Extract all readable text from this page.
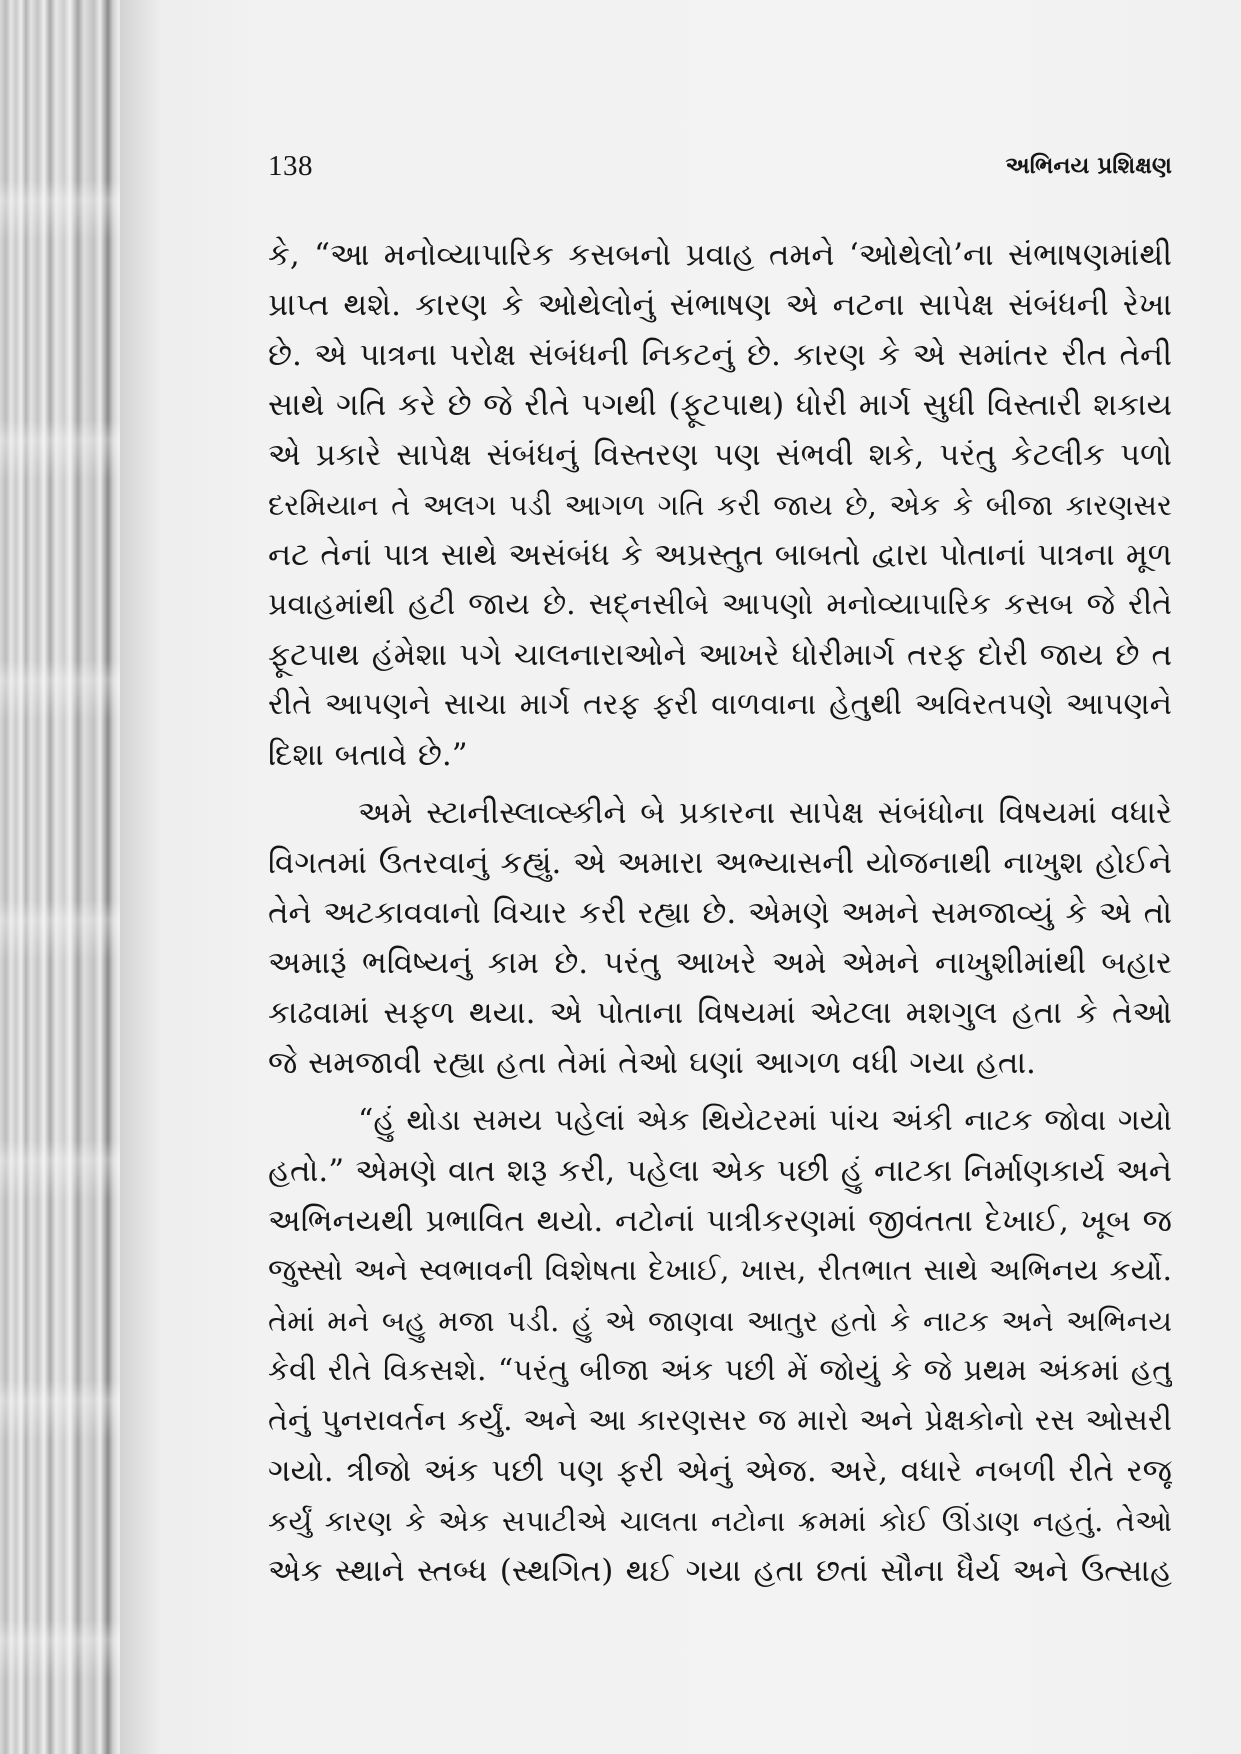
138	અભિનય પ્રશિક્ષણ
કે, “આ મનોવ્યાપારિક કસબનો પ્રવાહ તમને ‘ઓથેલો’ના સંભાષણમાંથી
પ્રાપ્ત થશે. કારણ કે ઓથેલોનું સંભાષણ એ નટના સાપેક્ષ સંબંધની રેખા
છે. એ પાત્રના પરોક્ષ સંબંધની નિકટનું છે. કારણ કે એ સમાંતર રીત તેની
સાથે ગતિ કરે છે જે રીતે પગથી (ફૂટપાથ) ધોરી માર્ગ સુધી વિસ્તારી શકાય
એ પ્રકારે સાપેક્ષ સંબંધનું વિસ્તરણ પણ સંભવી શકે, પરંતુ કેટલીક પળો
દરમિયાન તે અલગ પડી આગળ ગતિ કરી જાય છે, એક કે બીજા કારણસર
નટ તેનાં પાત્ર સાથે અસંબંધ કે અપ્રસ્તુત બાબતો દ્વારા પોતાનાં પાત્રના મૂળ
પ્રવાહમાંથી હટી જાય છે. સદ્નસીબે આપણો મનોવ્યાપારિક કસબ જે રીતે
ફૂટપાથ હંમેશા પગે ચાલનારાઓને આખરે ધોરીમાર્ગ તરફ દોરી જાય છે ત
રીતે આપણને સાચા માર્ગ તરફ ફરી વાળવાના હેતુથી અવિરતપણે આપણને
દિશા બતાવે છે.”
અમે સ્ટાનીસ્લાવ્સ્કીને બે પ્રકારના સાપેક્ષ સંબંધોના વિષયમાં વધારે
વિગતમાં ઉતરવાનું કહ્યું. એ અમારા અભ્યાસની યોજનાથી નાખુશ હોઈને
તેને અટકાવવાનો વિચાર કરી રહ્યા છે. એમણે અમને સમજાવ્યું કે એ તો
અમારૂં ભવિષ્યનું કામ છે. પરંતુ આખરે અમે એમને નાખુશીમાંથી બહાર
કાઢવામાં સફળ થયા. એ પોતાના વિષયમાં એટલા મશગુલ હતા કે તેઓ
જે સમજાવી રહ્યા હતા તેમાં તેઓ ઘણાં આગળ વધી ગયા હતા.
“હું થોડા સમય પહેલાં એક થિયેટરમાં પાંચ અંકી નાટક જોવા ગયો
હતો.” એમણે વાત શરૂ કરી, પહેલા એક પછી હું નાટકા નિર્માણકાર્ય અને
અભિનયથી પ્રભાવિત થયો. નટોનાં પાત્રીકરણમાં જીવંતતા દેખાઈ, ખૂબ જ
જુસ્સો અને સ્વભાવની વિશેષતા દેખાઈ, ખાસ, રીતભાત સાથે અભિનય કર્યો.
તેમાં મને બહુ મજા પડી. હું એ જાણવા આતુર હતો કે નાટક અને અભિનય
કેવી રીતે વિકસશે. “પરંતુ બીજા અંક પછી મેં જોયું કે જે પ્રથમ અંકમાં હતુ
તેનું પુનરાવર્તન કર્યું. અને આ કારણસર જ મારો અને પ્રેક્ષકોનો રસ ઓસરી
ગયો. ત્રીજો અંક પછી પણ ફરી એનું એજ. અરે, વધારે નબળી રીતે રજૂ
કર્યું કારણ કે એક સપાટીએ ચાલતા નટોના ક્રમમાં કોઈ ઊંડાણ નહતું. તેઓ
એક સ્થાને સ્તબ્ધ (સ્થગિત) થઈ ગયા હતા છતાં સૌના ધૈર્ય અને ઉત્સાહ
